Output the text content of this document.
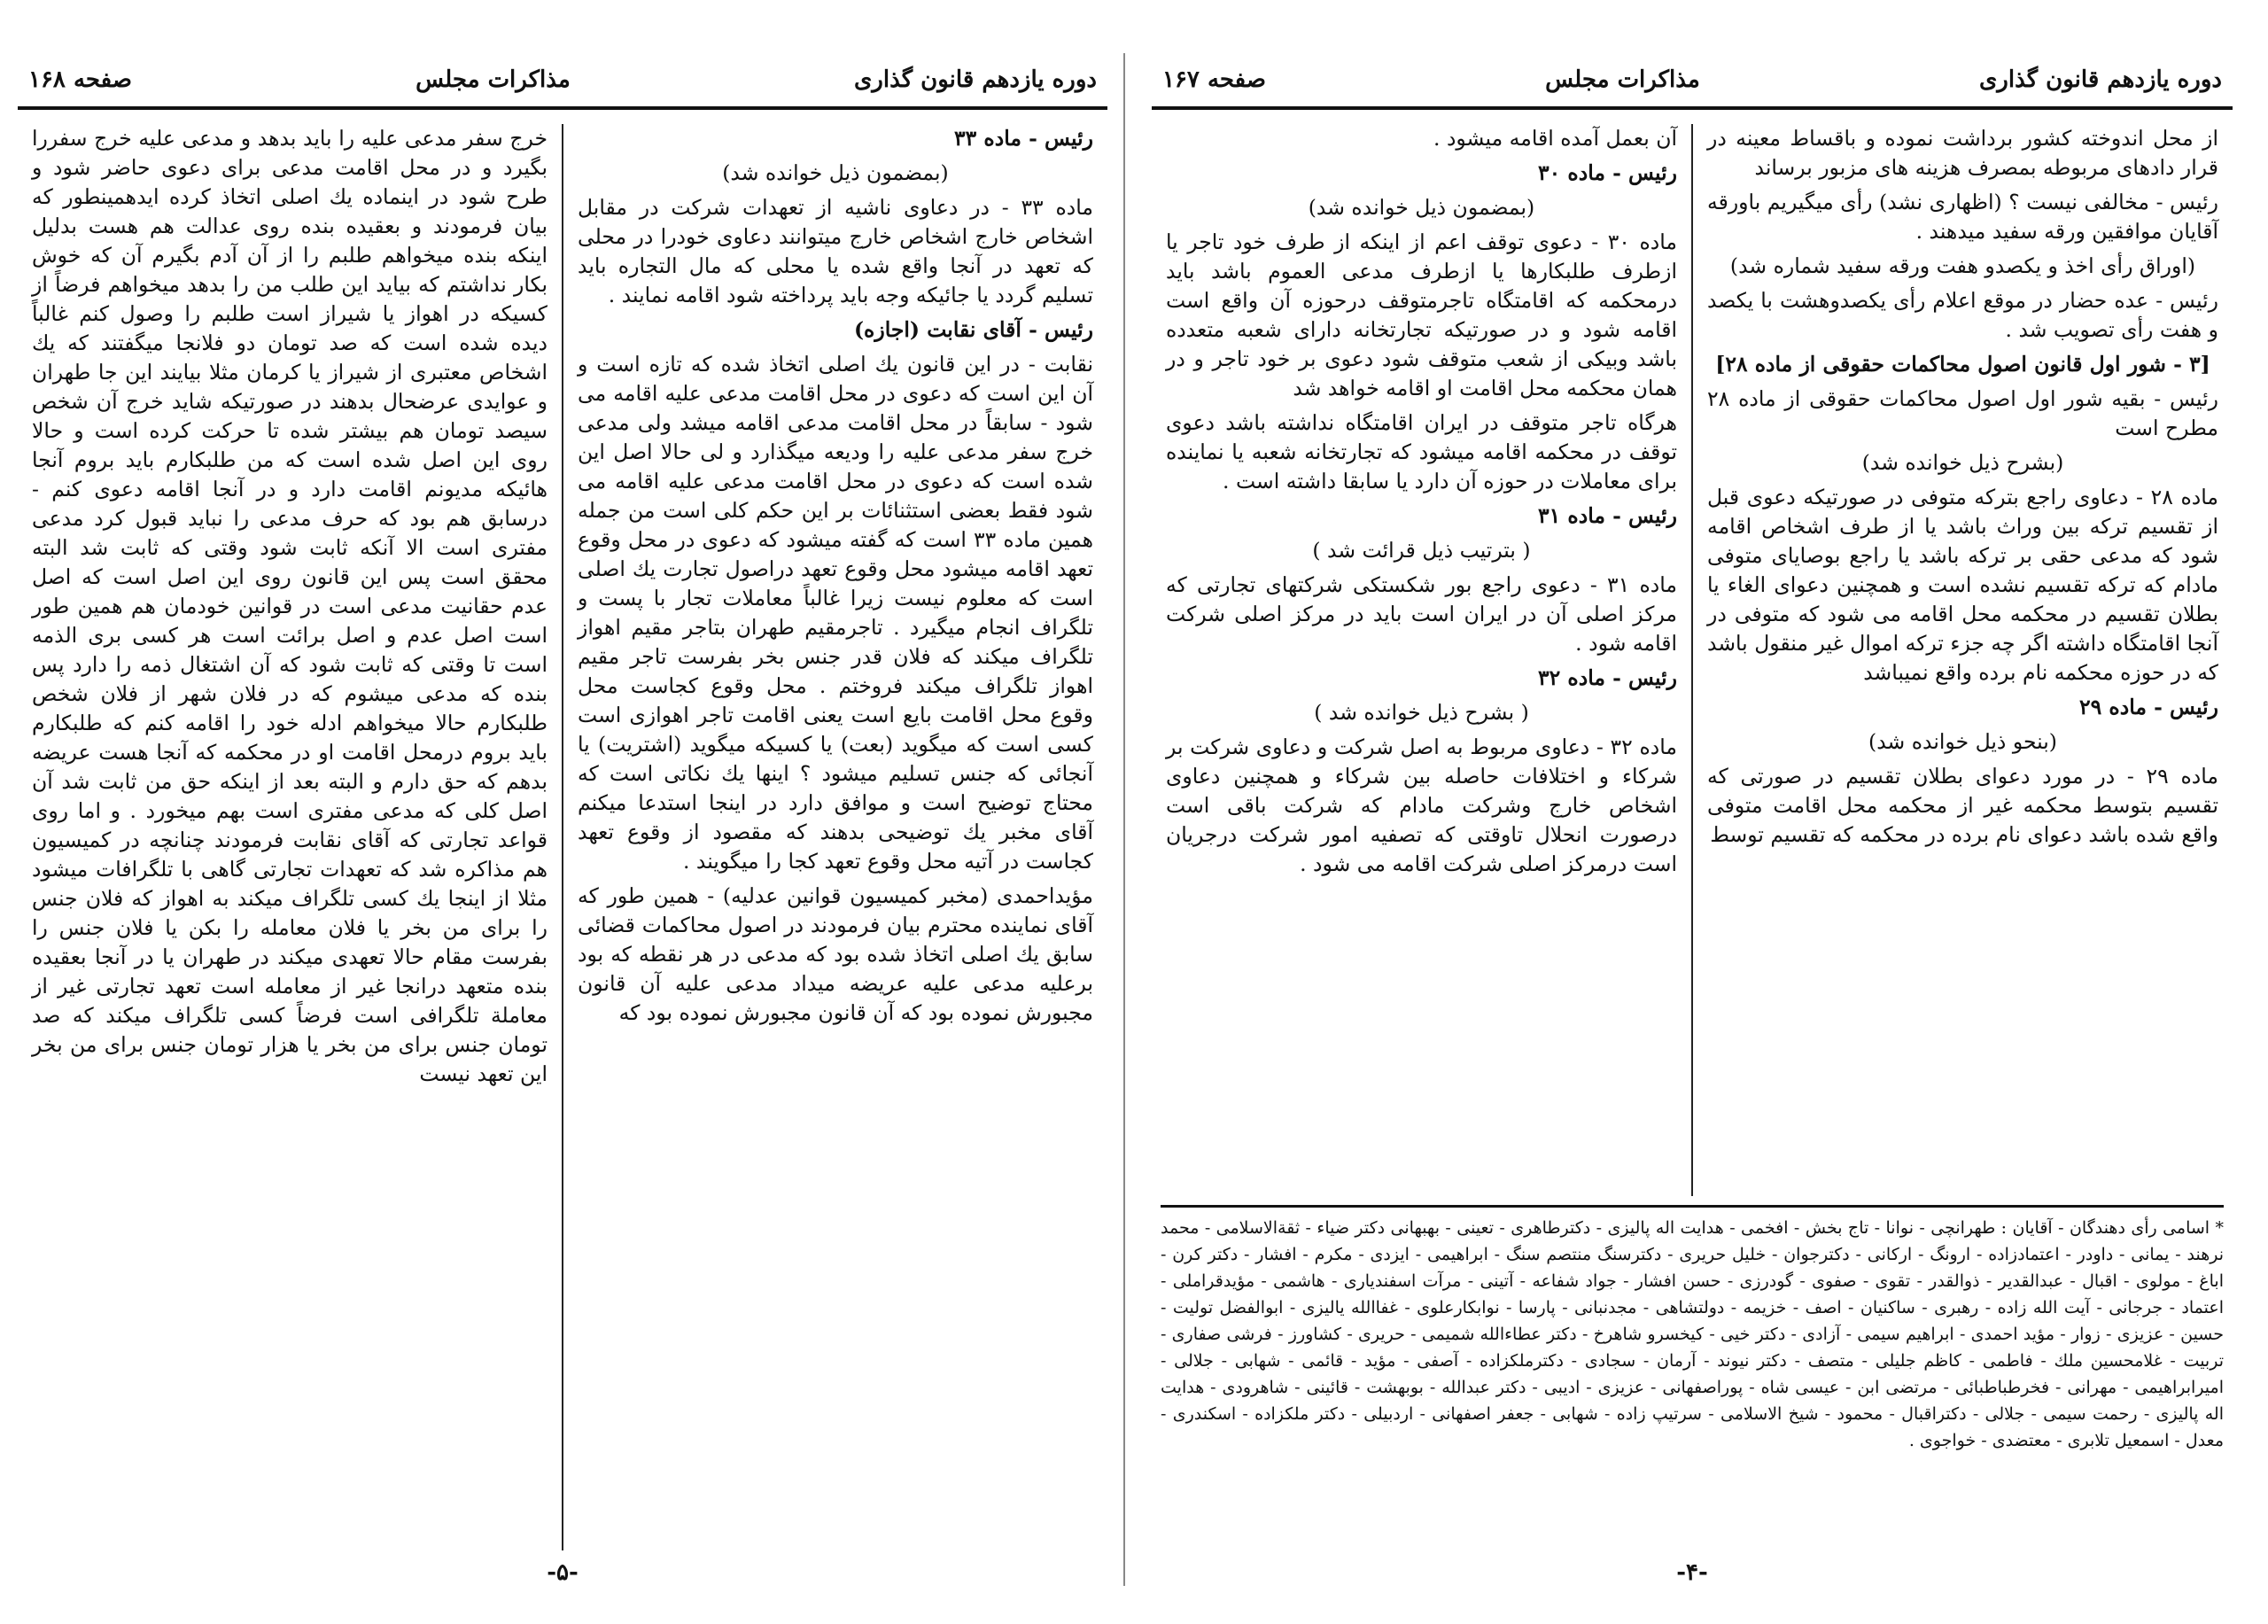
دوره یازدهم قانون گذاری
مذاکرات مجلس
صفحه ۱۶۸

رئیس - ماده ۳۳

(بمضمون ذیل خوانده شد)

ماده ۳۳ - در دعاوی ناشیه از تعهدات شرکت در مقابل اشخاص خارج اشخاص خارج میتوانند دعاوی خودرا در محلی که تعهد در آنجا واقع شده یا محلی که مال التجاره باید تسلیم گردد یا جائیکه وجه باید پرداخته شود اقامه نمایند .

رئیس - آقای نقابت (اجازه)

نقابت - در این قانون یك اصلی اتخاذ شده که تازه است و آن این است که دعوی در محل اقامت مدعی علیه اقامه می شود - سابقاً در محل اقامت مدعی اقامه میشد ولی مدعی خرج سفر مدعی علیه را ودیعه میگذارد و لی حالا اصل این شده است که دعوی در محل اقامت مدعی علیه اقامه می شود فقط بعضی استثنائات بر این حکم کلی است من جمله همین ماده ۳۳ است که گفته میشود که دعوی در محل وقوع تعهد اقامه میشود محل وقوع تعهد دراصول تجارت یك اصلی است که معلوم نیست زیرا غالباً معاملات تجار با پست و تلگراف انجام میگیرد . تاجرمقیم طهران بتاجر مقیم اهواز تلگراف میکند که فلان قدر جنس بخر بفرست تاجر مقیم اهواز تلگراف میکند فروختم . محل وقوع کجاست محل وقوع محل اقامت بایع است یعنی اقامت تاجر اهوازی است کسی است که میگوید (بعت) یا کسیکه میگوید (اشتریت) یا آنجائی که جنس تسلیم میشود ؟ اینها یك نکاتی است که محتاج توضیح است و موافق دارد در اینجا استدعا میکنم آقای مخبر یك توضیحی بدهند که مقصود از وقوع تعهد کجاست در آتیه محل وقوع تعهد کجا را میگویند .

مؤیداحمدی (مخبر کمیسیون قوانین عدلیه) - همین طور که آقای نماینده محترم بیان فرمودند در اصول محاکمات قضائی سابق یك اصلی اتخاذ شده بود که مدعی در هر نقطه که بود برعلیه مدعی علیه عریضه میداد مدعی علیه آن قانون مجبورش نموده بود که آن قانون مجبورش نموده بود که

خرج سفر مدعی علیه را باید بدهد و مدعی علیه خرج سفررا بگیرد و در محل اقامت مدعی برای دعوی حاضر شود و طرح شود در اینماده یك اصلی اتخاذ کرده ایدهمینطور که بیان فرمودند و بعقیده بنده روی عدالت هم هست بدلیل اینکه بنده میخواهم طلبم را از آن آدم بگیرم آن که خوش بکار نداشتم که بیاید این طلب من را بدهد میخواهم فرضاً از کسیکه در اهواز یا شیراز است طلبم را وصول کنم غالباً دیده شده است که صد تومان دو فلانجا میگفتند که یك اشخاص معتبری از شیراز یا کرمان مثلا بیایند این جا طهران و عوایدی عرضحال بدهند در صورتیکه شاید خرج آن شخص سیصد تومان هم بیشتر شده تا حرکت کرده است و حالا روی این اصل شده است که من طلبکارم باید بروم آنجا هائیکه مدیونم اقامت دارد و در آنجا اقامه دعوی کنم - درسابق هم بود که حرف مدعی را نباید قبول کرد مدعی مفتری است الا آنکه ثابت شود وقتی که ثابت شد البته محقق است پس این قانون روی این اصل است که اصل عدم حقانیت مدعی است در قوانین خودمان هم همین طور است اصل عدم و اصل برائت است هر کسی بری الذمه است تا وقتی که ثابت شود که آن اشتغال ذمه را دارد پس بنده که مدعی میشوم که در فلان شهر از فلان شخص طلبکارم حالا میخواهم ادله خود را اقامه کنم که طلبکارم باید بروم درمحل اقامت او در محکمه که آنجا هست عریضه بدهم که حق دارم و البته بعد از اینکه حق من ثابت شد آن اصل کلی که مدعی مفتری است بهم میخورد . و اما روی قواعد تجارتی که آقای نقابت فرمودند چنانچه در کمیسیون هم مذاکره شد که تعهدات تجارتی گاهی با تلگرافات میشود مثلا از اینجا یك کسی تلگراف میکند به اهواز که فلان جنس را برای من بخر یا فلان معامله را بکن یا فلان جنس را بفرست مقام حالا تعهدی میکند در طهران یا در آنجا بعقیده بنده متعهد درانجا غیر از معامله است تعهد تجارتی غیر از معاملة تلگرافی است فرضاً کسی تلگراف میکند که صد تومان جنس برای من بخر یا هزار تومان جنس برای من بخر این تعهد نیست

-۵-
دوره یازدهم قانون گذاری
مذاکرات مجلس
صفحه ۱۶۷

از محل اندوخته کشور برداشت نموده و باقساط معینه در قرار دادهای مربوطه بمصرف هزینه های مزبور برساند

رئیس - مخالفی نیست ؟ (اظهاری نشد) رأی میگیریم باورقه آقایان موافقین ورقه سفید میدهند .

(اوراق رأی اخذ و یکصدو هفت ورقه سفید شماره شد)

رئیس - عده حضار در موقع اعلام رأی یکصدوهشت با یکصد و هفت رأی تصویب شد .

[۳ - شور اول قانون اصول محاکمات حقوقی از ماده ۲۸]

رئیس - بقیه شور اول اصول محاکمات حقوقی از ماده ۲۸ مطرح است

(بشرح ذیل خوانده شد)

ماده ۲۸ - دعاوی راجع بترکه متوفی در صورتیکه دعوی قبل از تقسیم ترکه بین وراث باشد یا از طرف اشخاص اقامه شود که مدعی حقی بر ترکه باشد یا راجع بوصایای متوفی مادام که ترکه تقسیم نشده است و همچنین دعوای الغاء یا بطلان تقسیم در محکمه محل اقامه می شود که متوفی در آنجا اقامتگاه داشته اگر چه جزء ترکه اموال غیر منقول باشد که در حوزه محکمه نام برده واقع نمیباشد

رئیس - ماده ۲۹

(بنحو ذیل خوانده شد)

ماده ۲۹ - در مورد دعوای بطلان تقسیم در صورتی که تقسیم بتوسط محکمه غیر از محکمه محل اقامت متوفی واقع شده باشد دعوای نام برده در محکمه که تقسیم توسط

آن بعمل آمده اقامه میشود .

رئیس - ماده ۳۰

(بمضمون ذیل خوانده شد)

ماده ۳۰ - دعوی توقف اعم از اینکه از طرف خود تاجر یا ازطرف طلبکارها یا ازطرف مدعی العموم باشد باید درمحکمه که اقامتگاه تاجرمتوقف درحوزه آن واقع است اقامه شود و در صورتیکه تجارتخانه دارای شعبه متعدده باشد وبیکی از شعب متوقف شود دعوی بر خود تاجر و در همان محکمه محل اقامت او اقامه خواهد شد

هرگاه تاجر متوقف در ایران اقامتگاه نداشته باشد دعوی توقف در محکمه اقامه میشود که تجارتخانه شعبه یا نماینده برای معاملات در حوزه آن دارد یا سابقا داشته است .

رئیس - ماده ۳۱

( بترتیب ذیل قرائت شد )

ماده ۳۱ - دعوی راجع بور شکستکی شرکتهای تجارتی که مرکز اصلی آن در ایران است باید در مرکز اصلی شرکت اقامه شود .

رئیس - ماده ۳۲

( بشرح ذیل خوانده شد )

ماده ۳۲ - دعاوی مربوط به اصل شرکت و دعاوی شرکت بر شرکاء و اختلافات حاصله بین شرکاء و همچنین دعاوی اشخاص خارج وشرکت مادام که شرکت باقی است درصورت انحلال تاوقتی که تصفیه امور شرکت درجریان است درمرکز اصلی شرکت اقامه می شود .

* اسامی رأی دهندگان - آقایان : طهرانچی - نوانا - تاج بخش - افخمی - هدایت اله پالیزی - دکترطاهری - تعینی - بهبهانی دکتر ضیاء - ثقةالاسلامی - محمد نرهند - یمانی - داودر - اعتمادزاده - ارونگ - ارکانی - دکترجوان - خلیل حریری - دکترسنگ منتصم سنگ - ابراهیمی - ایزدی - مکرم - افشار - دکتر کرن - اباغ - مولوی - اقبال - عبدالقدیر - ذوالقدر - تقوی - صفوی - گودرزی - حسن افشار - جواد شفاعه - آتینی - مرآت اسفندیاری - هاشمی - مؤیدقراملی - اعتماد - جرجانی - آیت الله زاده - رهبری - ساکنیان - اصف - خزیمه - دولتشاهی - مجدنبانی - پارسا - نوابکارعلوی - غفاالله یالیزی - ابوالفضل تولیت - حسین - عزیزی - زوار - مؤید احمدی - ابراهیم سیمی - آزادی - دکتر خیی - کیخسرو شاهرخ - دکتر عطاءالله شمیمی - حریری - کشاورز - فرشی صفاری - تربیت - غلامحسین ملك - فاطمی - کاظم جلیلی - متصف - دکتر نیوند - آرمان - سجادی - دکترملکزاده - آصفی - مؤید - قائمی - شهابی - جلالی - امیرابراهیمی - مهرانی - فخرطباطبائی - مرتضی ابن - عیسی شاه - پوراصفهانی - عزیزی - ادیبی - دکتر عبدالله - بوبهشت - قائینی - شاهرودی - هدایت اله پالیزی - رحمت سیمی - جلالی - دکتراقبال - محمود - شیخ الاسلامی - سرتیپ زاده - شهابی - جعفر اصفهانی - اردبیلی - دکتر ملکزاده - اسکندری - معدل - اسمعیل تلابری - معتضدی - خواجوی .
-۴-
